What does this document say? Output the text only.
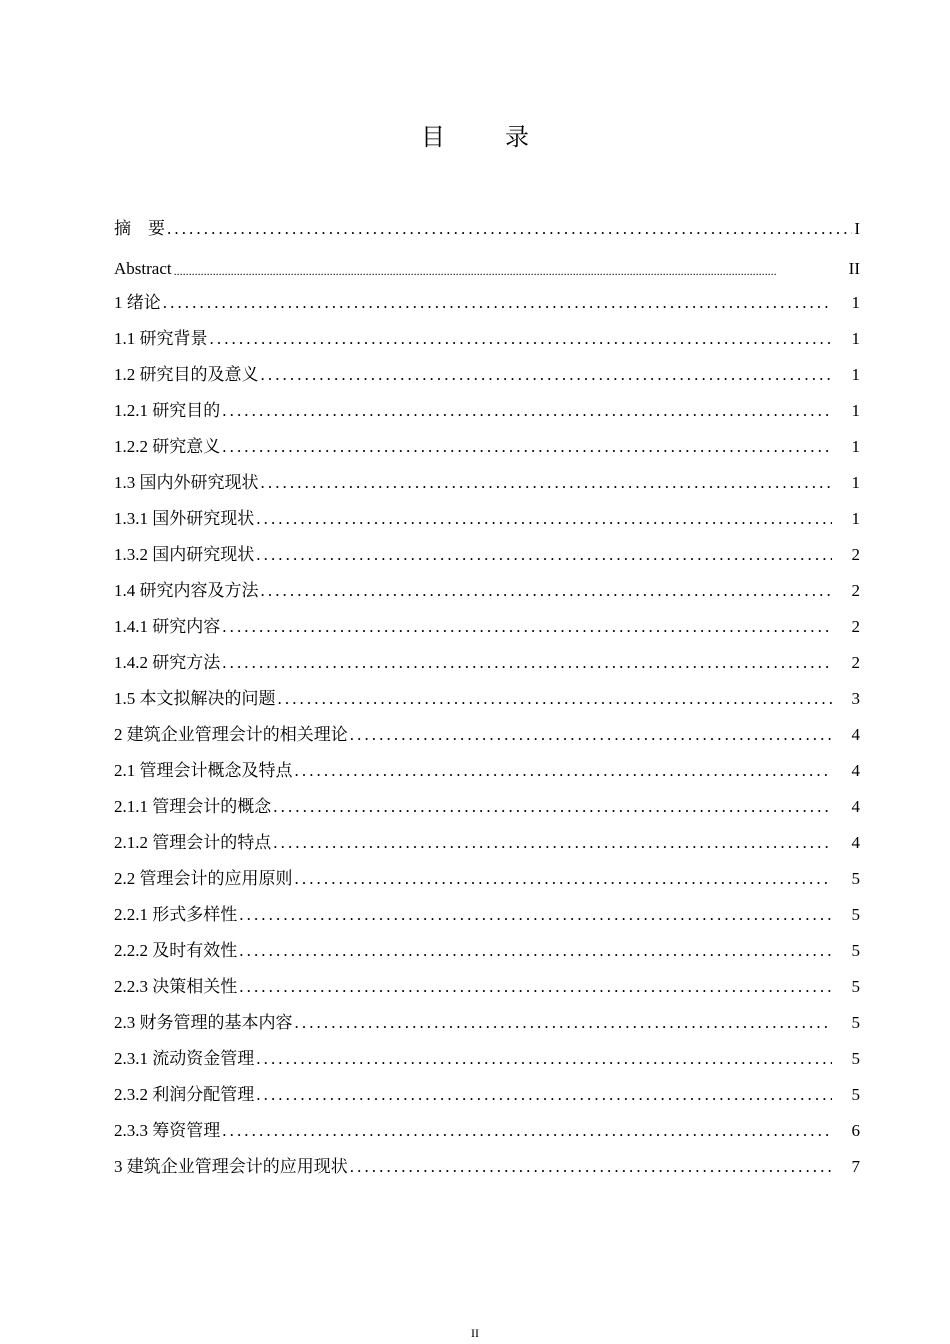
目　录
摘　要 .....	I
Abstract .....	II
1 绪论 .....	1
1.1 研究背景 .....	1
1.2 研究目的及意义 .....	1
1.2.1 研究目的 .....	1
1.2.2 研究意义 .....	1
1.3 国内外研究现状 .....	1
1.3.1 国外研究现状 .....	1
1.3.2 国内研究现状 .....	2
1.4 研究内容及方法 .....	2
1.4.1 研究内容 .....	2
1.4.2 研究方法 .....	2
1.5 本文拟解决的问题 .....	3
2 建筑企业管理会计的相关理论 .....	4
2.1 管理会计概念及特点 .....	4
2.1.1 管理会计的概念 .....	4
2.1.2 管理会计的特点 .....	4
2.2 管理会计的应用原则 .....	5
2.2.1 形式多样性 .....	5
2.2.2 及时有效性 .....	5
2.2.3 决策相关性 .....	5
2.3 财务管理的基本内容 .....	5
2.3.1 流动资金管理 .....	5
2.3.2 利润分配管理 .....	5
2.3.3 筹资管理 .....	6
3 建筑企业管理会计的应用现状 .....	7
II
